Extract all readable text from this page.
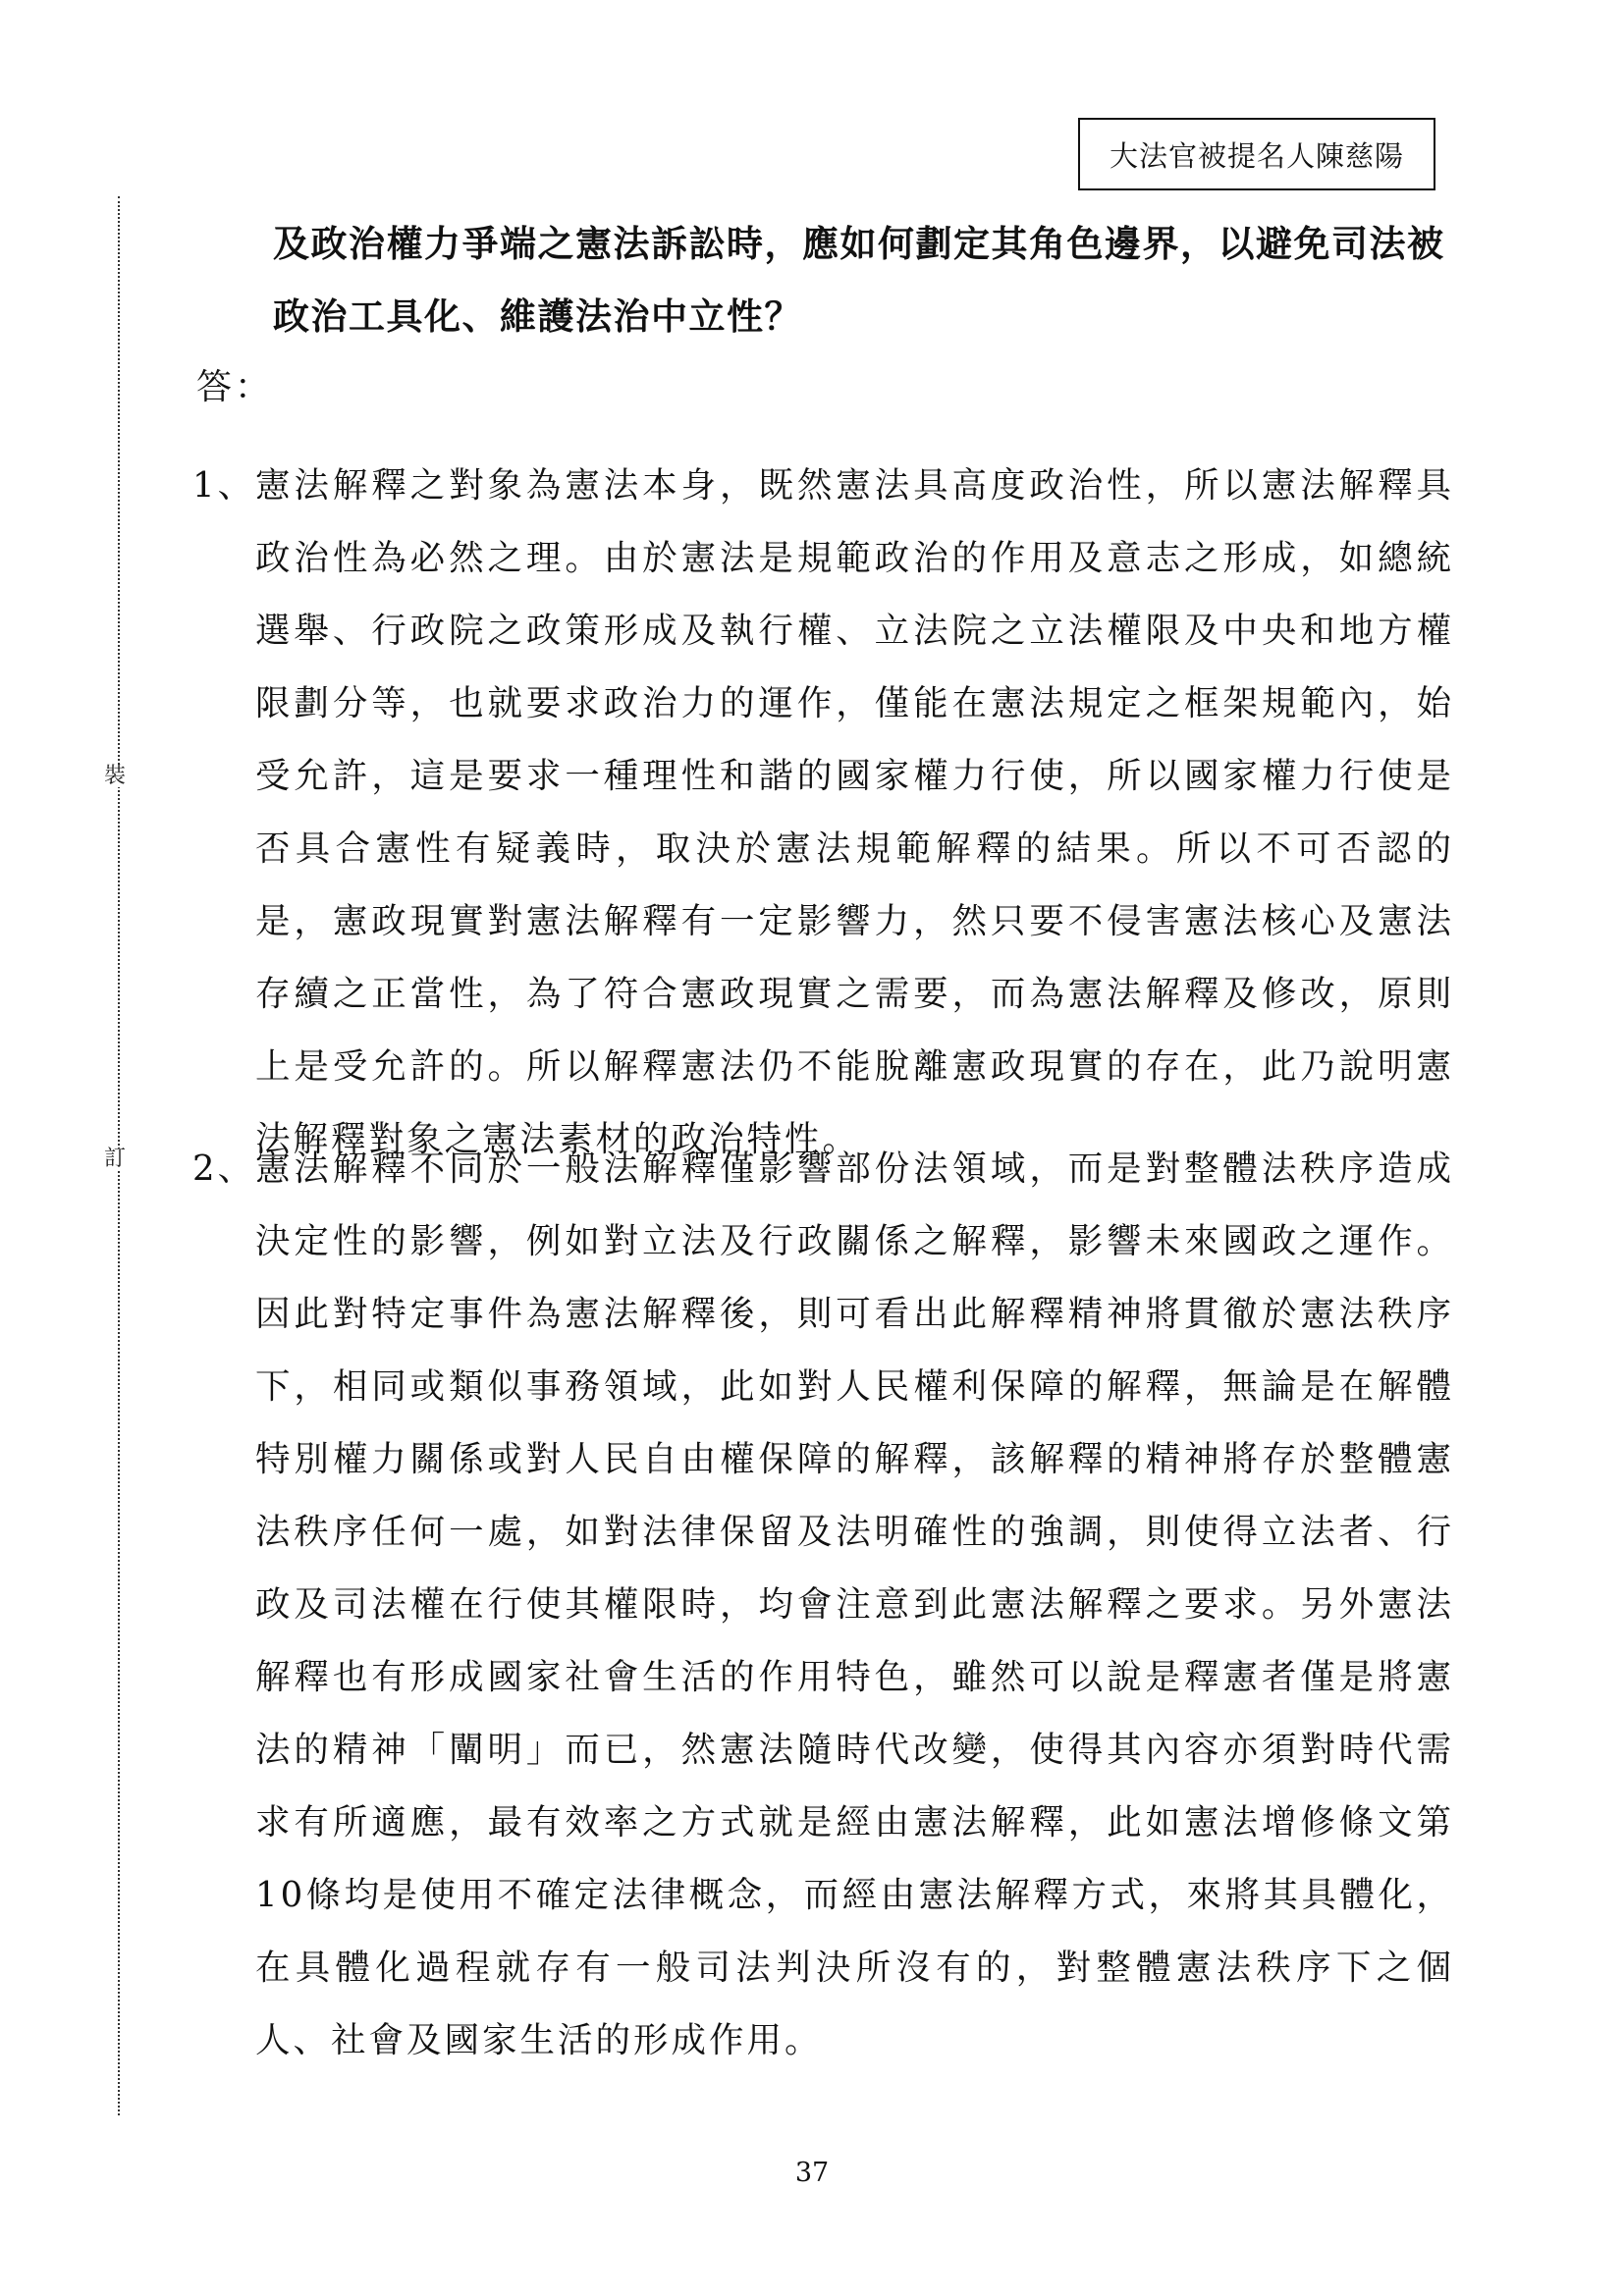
大法官被提名人陳慈陽
裝
訂
及政治權力爭端之憲法訴訟時，應如何劃定其角色邊界，以避免司法被政治工具化、維護法治中立性？
答：
1、 憲法解釋之對象為憲法本身，既然憲法具高度政治性，所以憲法解釋具政治性為必然之理。由於憲法是規範政治的作用及意志之形成，如總統選舉、行政院之政策形成及執行權、立法院之立法權限及中央和地方權限劃分等，也就要求政治力的運作，僅能在憲法規定之框架規範內，始受允許，這是要求一種理性和諧的國家權力行使，所以國家權力行使是否具合憲性有疑義時，取決於憲法規範解釋的結果。所以不可否認的是，憲政現實對憲法解釋有一定影響力，然只要不侵害憲法核心及憲法存續之正當性，為了符合憲政現實之需要，而為憲法解釋及修改，原則上是受允許的。所以解釋憲法仍不能脫離憲政現實的存在，此乃說明憲法解釋對象之憲法素材的政治特性。
2、 憲法解釋不同於一般法解釋僅影響部份法領域，而是對整體法秩序造成決定性的影響，例如對立法及行政關係之解釋，影響未來國政之運作。因此對特定事件為憲法解釋後，則可看出此解釋精神將貫徹於憲法秩序下，相同或類似事務領域，此如對人民權利保障的解釋，無論是在解體特別權力關係或對人民自由權保障的解釋，該解釋的精神將存於整體憲法秩序任何一處，如對法律保留及法明確性的強調，則使得立法者、行政及司法權在行使其權限時，均會注意到此憲法解釋之要求。另外憲法解釋也有形成國家社會生活的作用特色，雖然可以說是釋憲者僅是將憲法的精神「闡明」而已，然憲法隨時代改變，使得其內容亦須對時代需求有所適應，最有效率之方式就是經由憲法解釋，此如憲法增修條文第10條均是使用不確定法律概念，而經由憲法解釋方式，來將其具體化，在具體化過程就存有一般司法判決所沒有的，對整體憲法秩序下之個人、社會及國家生活的形成作用。
37
